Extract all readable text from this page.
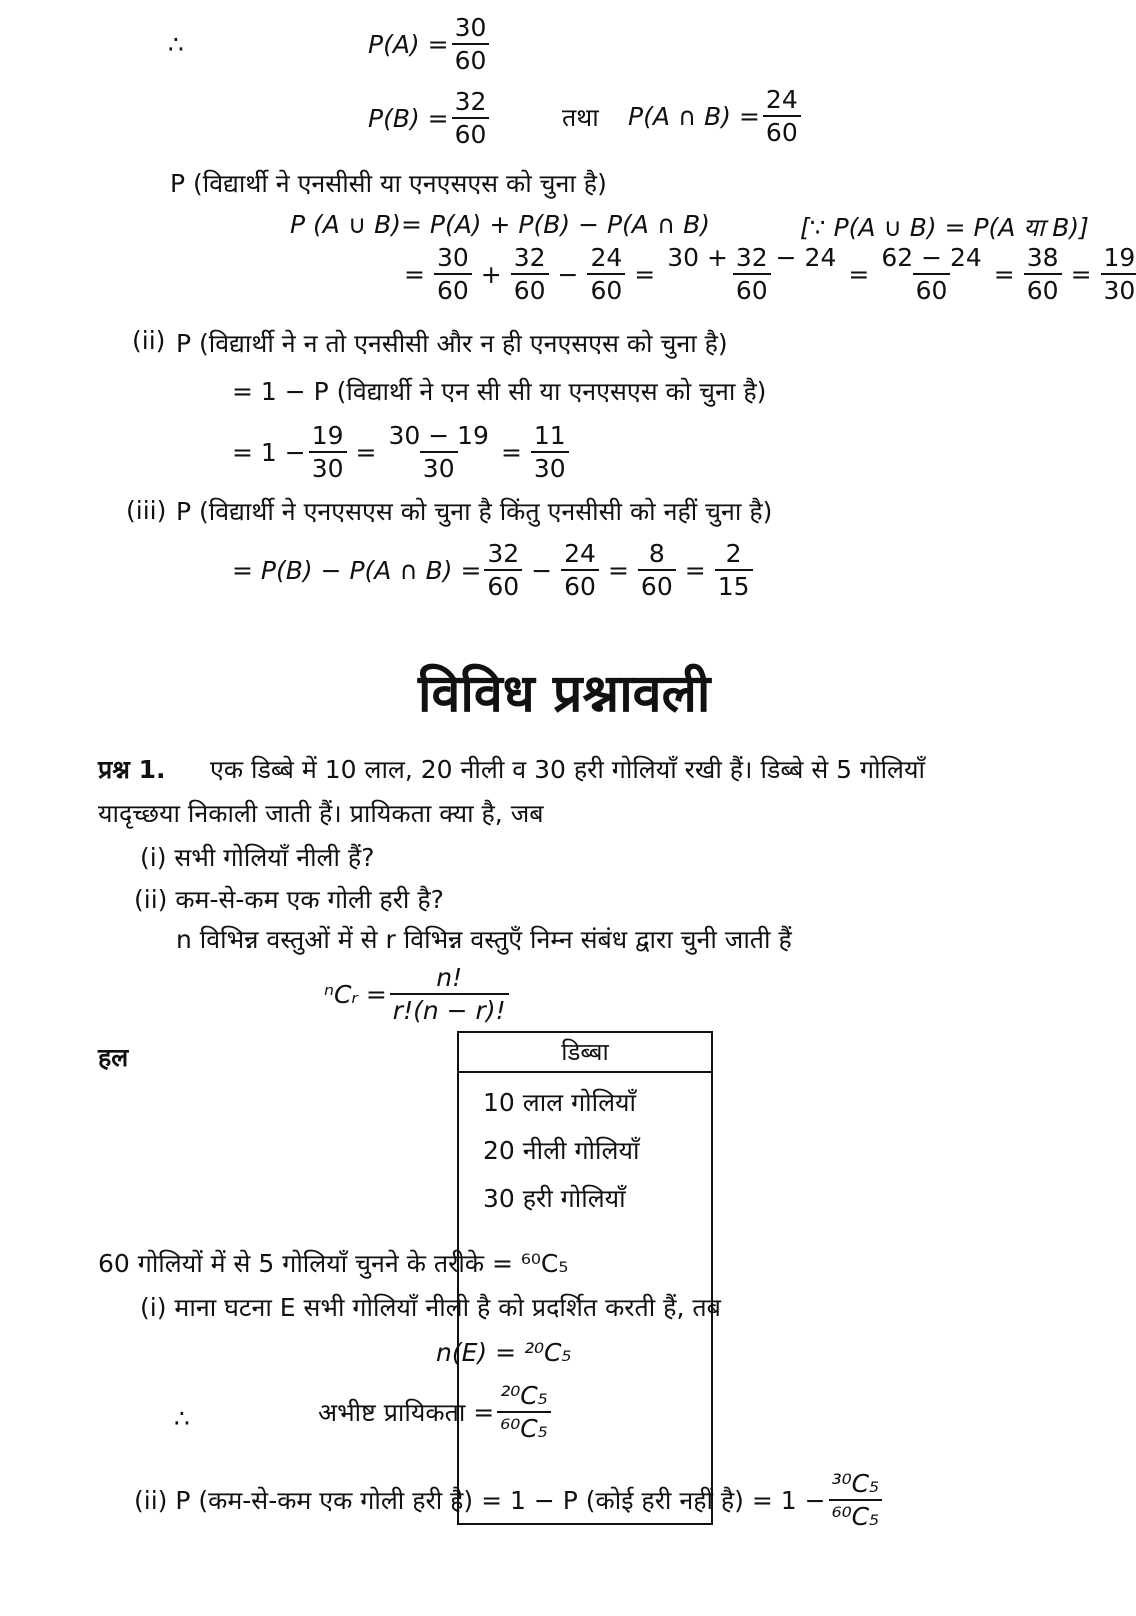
∴	$P(A) = \frac{30}{60}$
$P(B) = \frac{32}{60}$	तथा P(A ∩ $B) = \frac{24}{60}$
P (विद्यार्थी ने एनसीसी या एनएसएस को चुना है)
P (A ∪ B)= P(A) + P(B) − P(A ∩ B)	[∵ P(A ∪ B) = P(A या B)]
= $\frac{30}{60} + \frac{32}{60} - \frac{24}{60} = \frac{30 + 32 - 24}{60} = \frac{62 - 24}{60} = \frac{38}{60} = \frac{19}{30}$
(ii) P (विद्यार्थी ने न तो एनसीसी और न ही एनएसएस को चुना है)
= 1 − P (विद्यार्थी ने एन सी सी या एनएसएस को चुना है)
= $1 - \frac{19}{30} = \frac{30 - 19}{30} = \frac{11}{30}$
(iii) P (विद्यार्थी ने एनएसएस को चुना है किंतु एनसीसी को नहीं चुना है)
= P(B) − P(A ∩ $B) = \frac{32}{60} - \frac{24}{60} = \frac{8}{60} = \frac{2}{15}$
विविध प्रश्नावली
प्रश्न 1. एक डिब्बे में 10 लाल, 20 नीली व 30 हरी गोलियाँ रखी हैं। डिब्बे से 5 गोलियाँ
यादृच्छया निकाली जाती हैं। प्रायिकता क्या है, जब
(i) सभी गोलियाँ नीली हैं?
(ii) कम-से-कम एक गोली हरी है?
n विभिन्न वस्तुओं में से r विभिन्न वस्तुएँ निम्न संबंध द्वारा चुनी जाती हैं
ⁿCᵣ = $\frac{n!}{r!(n - r)!}$
हल	डिब्बा
10 लाल गोलियाँ
20 नीली गोलियाँ
30 हरी गोलियाँ
60 गोलियों में से 5 गोलियाँ चुनने के तरीके = ⁶⁰C₅
(i) माना घटना E सभी गोलियाँ नीली है को प्रदर्शित करती हैं, तब
n(E) = ²⁰C₅
∴	अभीष्ट प्रायिकता = $\frac{\text{²⁰C₅}}{\text{⁶⁰C₅}}$
(ii) P (कम-से-कम एक गोली हरी है) = 1 − P (कोई हरी नहीं है) = $1 - \frac{\text{³⁰C₅}}{\text{⁶⁰C₅}}$
